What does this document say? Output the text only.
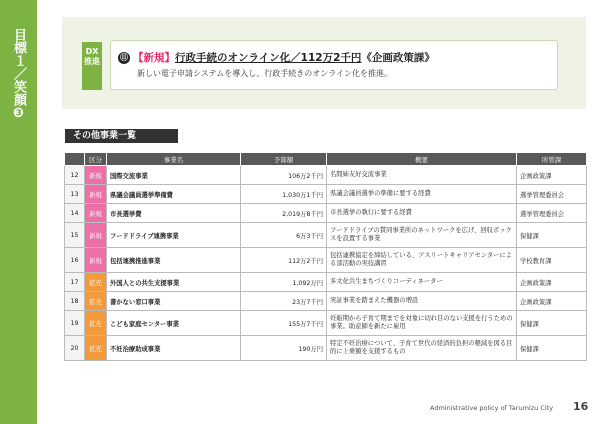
目標１／笑顔
❸
DX推進	⑪ 【新規】行政手続のオンライン化／112万2千円《企画政策課》
新しい電子申請システムを導入し、行政手続きのオンライン化を推進。
その他事業一覧
	区分	事業名	予算額	概要	所管課
12	新規	国際交流事業	106万2千円	名間姉友好交流事業	企画政策課
13	新規	県議会議員選挙準備費	1,030万1千円	県議会議員選挙の準備に要する経費	選挙管理委員会
14	新規	市長選挙費	2,019万8千円	市長選挙の執行に要する経費	選挙管理委員会
15	新規	フードドライブ連携事業	6万3千円	フードドライブの賛同事業所のネットワークを広げ、回収ボックスを設置する事業	保健課
16	新規	包括連携推進事業	112万2千円	包括連携協定を締結している、アスリートキャリアセンターによる部活動の実技講習	学校教育課
17	拡充	外国人との共生支援事業	1,092万円	多文化共生まちづくりコーディネーター	企画政策課
18	拡充	書かない窓口事業	23万7千円	実証事業を踏まえた機器の増設	企画政策課
19	拡充	こども家庭センター事業	155万7千円	妊娠期から子育て期までを対象に切れ目のない支援を行うための事業。助産師を新たに雇用	保健課
20	拡充	不妊治療助成事業	190万円	特定不妊治療について、子育て世代の経済的負担の軽減を図る目的に上乗額を支援するもの	保健課
Administrative policy of Tarumizu City 16
